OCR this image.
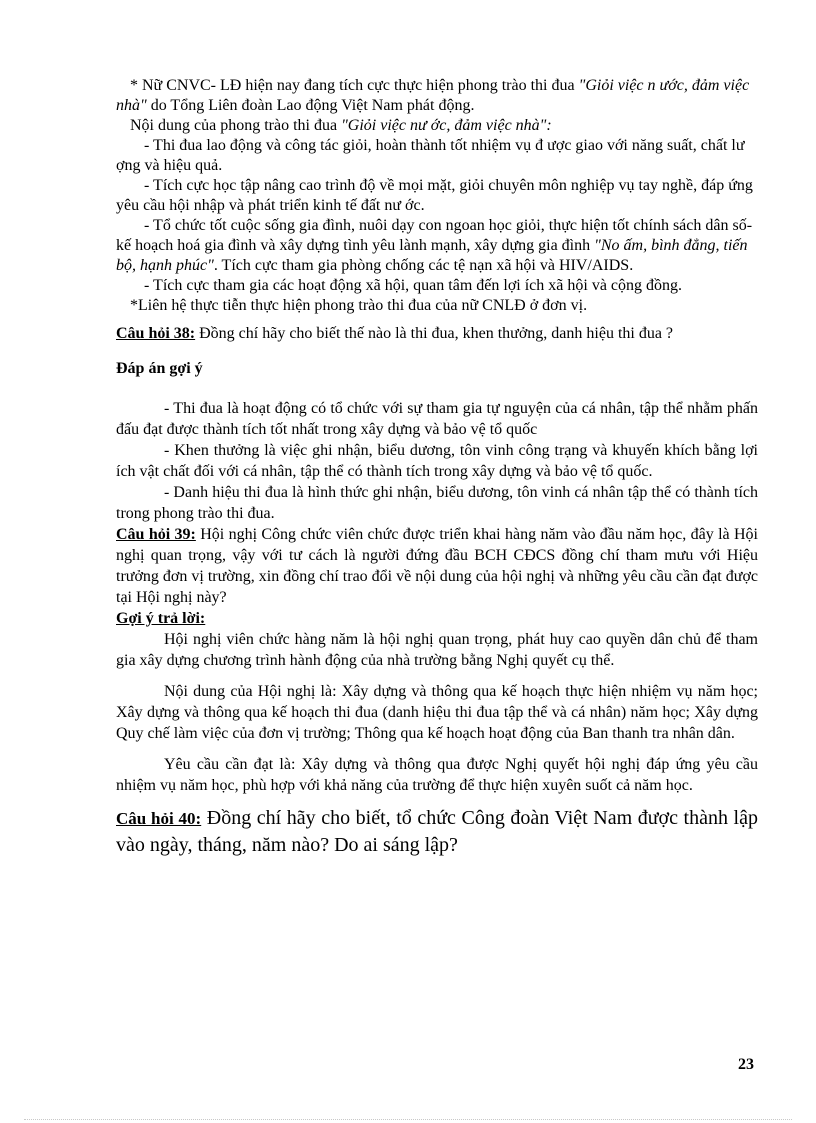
* Nữ CNVC- LĐ hiện nay đang tích cực thực hiện phong trào thi đua "Giỏi việc n ước, đảm việc nhà" do Tổng Liên đoàn Lao động Việt Nam phát động.

Nội dung của phong trào thi đua "Giỏi việc nư ớc, đảm việc nhà":

- Thi đua lao động và công tác giỏi, hoàn thành tốt nhiệm vụ đ ược giao với năng suất, chất lư ợng và hiệu quả.

- Tích cực học tập nâng cao trình độ về mọi mặt, giỏi chuyên môn nghiệp vụ tay nghề, đáp ứng yêu cầu hội nhập và phát triển kinh tế đất nư ớc.

- Tổ chức tốt cuộc sống gia đình, nuôi dạy con ngoan học giỏi, thực hiện tốt chính sách dân số- kế hoạch hoá gia đình và xây dựng tình yêu lành mạnh, xây dựng gia đình "No ấm, bình đẳng, tiến bộ, hạnh phúc". Tích cực tham gia phòng chống các tệ nạn xã hội và HIV/AIDS.

- Tích cực tham gia các hoạt động xã hội, quan tâm đến lợi ích xã hội và cộng đồng.

*Liên hệ thực tiễn thực hiện phong trào thi đua của nữ CNLĐ ở đơn vị.

Câu hỏi 38: Đồng chí hãy cho biết thế nào là thi đua, khen thưởng, danh hiệu thi đua ?

Đáp án gợi ý

- Thi đua là hoạt động có tổ chức với sự tham gia tự nguyện của cá nhân, tập thể nhằm phấn đấu đạt được thành tích tốt nhất trong xây dựng và bảo vệ tổ quốc

- Khen thưởng là việc ghi nhận, biểu dương, tôn vinh công trạng và khuyến khích bằng lợi ích vật chất đối với cá nhân, tập thể có thành tích trong xây dựng và bảo vệ tổ quốc.

- Danh hiệu thi đua là hình thức ghi nhận, biểu dương, tôn vinh cá nhân tập thể có thành tích trong phong trào thi đua.

Câu hỏi 39: Hội nghị Công chức viên chức được triển khai hàng năm vào đầu năm học, đây là Hội nghị quan trọng, vậy với tư cách là người đứng đầu BCH CĐCS đồng chí tham mưu với Hiệu trưởng đơn vị trường, xin đồng chí trao đổi về nội dung của hội nghị và những yêu cầu cần đạt được tại Hội nghị này?

Gợi ý trả lời:

Hội nghị viên chức hàng năm là hội nghị quan trọng, phát huy cao quyền dân chủ để tham gia xây dựng chương trình hành động của nhà trường bằng Nghị quyết cụ thể.

Nội dung của Hội nghị là: Xây dựng và thông qua kế hoạch thực hiện nhiệm vụ năm học; Xây dựng và thông qua kế hoạch thi đua (danh hiệu thi đua tập thể và cá nhân) năm học; Xây dựng Quy chế làm việc của đơn vị trường; Thông qua kế hoạch hoạt động của Ban thanh tra nhân dân.

Yêu cầu cần đạt là: Xây dựng và thông qua được Nghị quyết hội nghị đáp ứng yêu cầu nhiệm vụ năm học, phù hợp với khả năng của trường để thực hiện xuyên suốt cả năm học.

Câu hỏi 40: Đồng chí hãy cho biết, tổ chức Công đoàn Việt Nam được thành lập vào ngày, tháng, năm nào? Do ai sáng lập?

23
